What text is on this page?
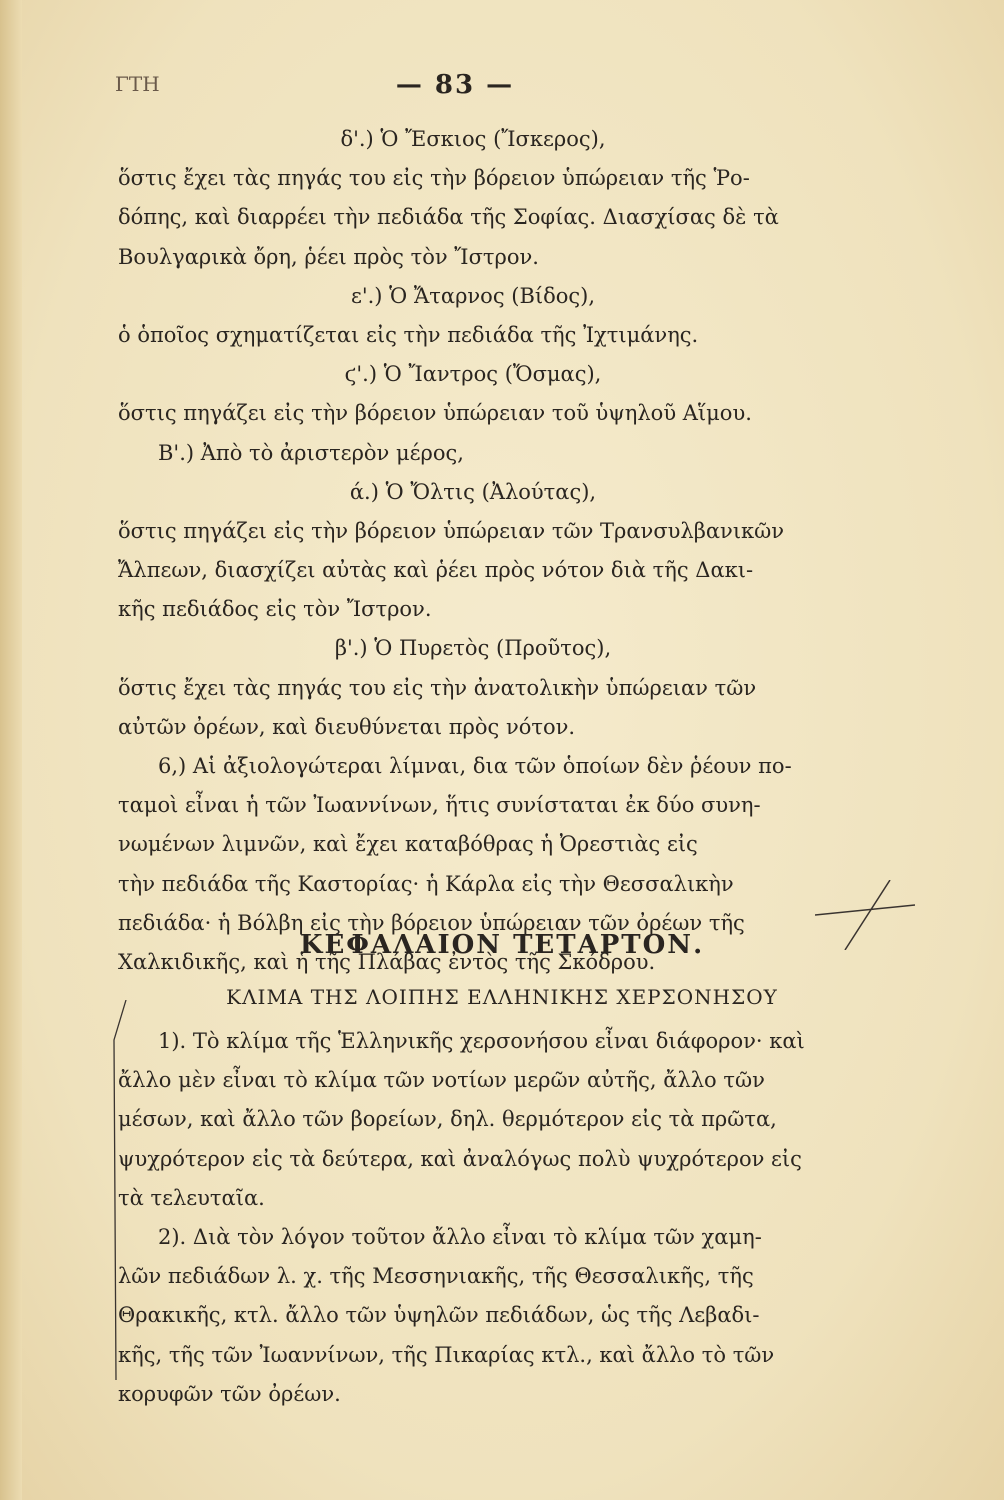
ΓΤΗ	— 83 —
δ'.) Ὁ Ἔσκιος (Ἴσκερος),
ὅστις ἔχει τὰς πηγάς του εἰς τὴν βόρειον ὑπώρειαν τῆς Ῥο-
δόπης, καὶ διαρρέει τὴν πεδιάδα τῆς Σοφίας. Διασχίσας δὲ τὰ
Βουλγαρικὰ ὄρη, ῥέει πρὸς τὸν Ἴστρον.
ε'.) Ὁ Ἄταρνος (Βίδος),
ὁ ὁποῖος σχηματίζεται εἰς τὴν πεδιάδα τῆς Ἰχτιμάνης.
ϛ'.) Ὁ Ἴαντρος (Ὄσμας),
ὅστις πηγάζει εἰς τὴν βόρειον ὑπώρειαν τοῦ ὑψηλοῦ Αἵμου.
Β'.) Ἀπὸ τὸ ἀριστερὸν μέρος,
ά.) Ὁ Ὄλτις (Ἀλούτας),
ὅστις πηγάζει εἰς τὴν βόρειον ὑπώρειαν τῶν Τρανσυλβανικῶν
Ἄλπεων, διασχίζει αὐτὰς καὶ ῥέει πρὸς νότον διὰ τῆς Δακι-
κῆς πεδιάδος εἰς τὸν Ἴστρον.
β'.) Ὁ Πυρετὸς (Προῦτος),
ὅστις ἔχει τὰς πηγάς του εἰς τὴν ἀνατολικὴν ὑπώρειαν τῶν
αὐτῶν ὀρέων, καὶ διευθύνεται πρὸς νότον.
6,) Αἱ ἀξιολογώτεραι λίμναι, δια τῶν ὁποίων δὲν ῥέουν πο-
ταμοὶ εἶναι ἡ τῶν Ἰωαννίνων, ἥτις συνίσταται ἐκ δύο συνη-
νωμένων λιμνῶν, καὶ ἔχει καταβόθρας ἡ Ὀρεστιὰς εἰς
τὴν πεδιάδα τῆς Καστορίας· ἡ Κάρλα εἰς τὴν Θεσσαλικὴν
πεδιάδα· ἡ Βόλβη εἰς τὴν βόρειον ὑπώρειαν τῶν ὀρέων τῆς
Χαλκιδικῆς, καὶ ἡ τῆς Πλάβας ἐντὸς τῆς Σκόδρου.
ΚΕΦΑΛΑΙΟΝ ΤΕΤΑΡΤΟΝ.
ΚΛΙΜΑ ΤΗΣ ΛΟΙΠΗΣ ΕΛΛΗΝΙΚΗΣ ΧΕΡΣΟΝΗΣΟΥ
1). Τὸ κλίμα τῆς Ἑλληνικῆς χερσονήσου εἶναι διάφορον· καὶ
ἄλλο μὲν εἶναι τὸ κλίμα τῶν νοτίων μερῶν αὐτῆς, ἄλλο τῶν
μέσων, καὶ ἄλλο τῶν βορείων, δηλ. θερμότερον εἰς τὰ πρῶτα,
ψυχρότερον εἰς τὰ δεύτερα, καὶ ἀναλόγως πολὺ ψυχρότερον εἰς
τὰ τελευταῖα.
2). Διὰ τὸν λόγον τοῦτον ἄλλο εἶναι τὸ κλίμα τῶν χαμη-
λῶν πεδιάδων λ. χ. τῆς Μεσσηνιακῆς, τῆς Θεσσαλικῆς, τῆς
Θρακικῆς, κτλ. ἄλλο τῶν ὑψηλῶν πεδιάδων, ὡς τῆς Λεβαδι-
κῆς, τῆς τῶν Ἰωαννίνων, τῆς Πικαρίας κτλ., καὶ ἄλλο τὸ τῶν
κορυφῶν τῶν ὀρέων.
